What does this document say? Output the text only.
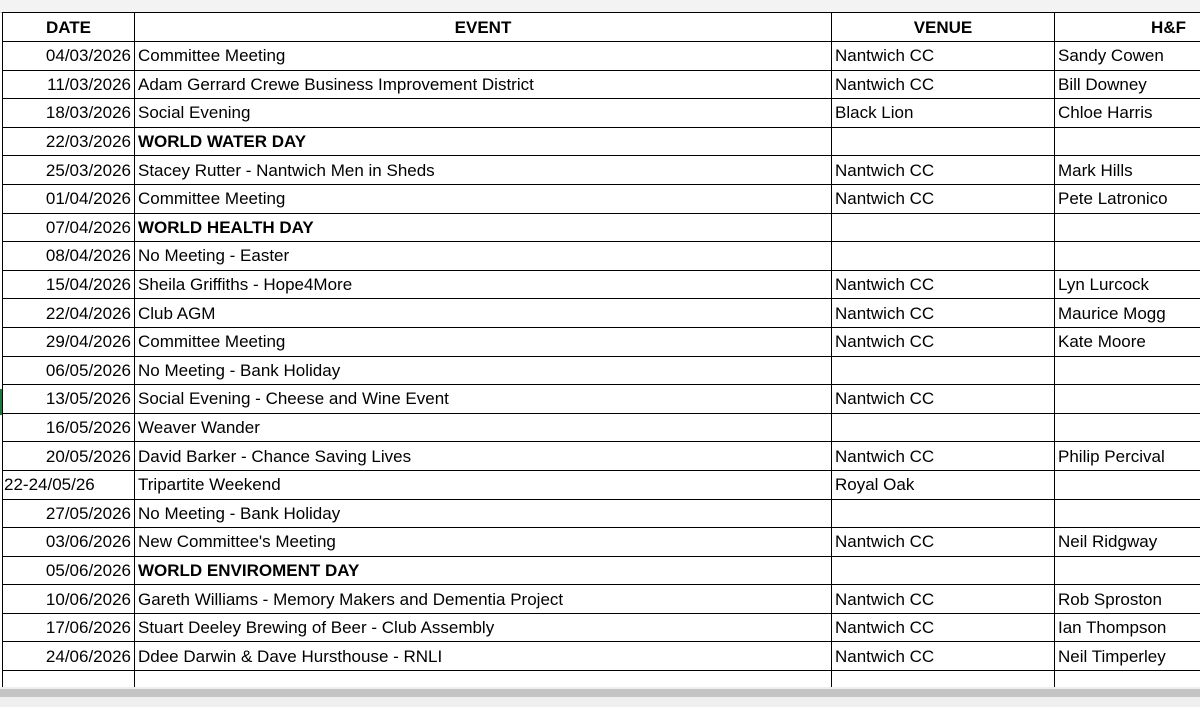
DATE	EVENT	VENUE	H&F
04/03/2026	Committee Meeting	Nantwich CC	Sandy Cowen
11/03/2026	Adam Gerrard Crewe Business Improvement District	Nantwich CC	Bill Downey
18/03/2026	Social Evening	Black Lion	Chloe Harris
22/03/2026	WORLD WATER DAY		
25/03/2026	Stacey Rutter - Nantwich Men in Sheds	Nantwich CC	Mark Hills
01/04/2026	Committee Meeting	Nantwich CC	Pete Latronico
07/04/2026	WORLD HEALTH DAY		
08/04/2026	No Meeting - Easter		
15/04/2026	Sheila Griffiths - Hope4More	Nantwich CC	Lyn Lurcock
22/04/2026	Club AGM	Nantwich CC	Maurice Mogg
29/04/2026	Committee Meeting	Nantwich CC	Kate Moore
06/05/2026	No Meeting - Bank Holiday		
13/05/2026	Social Evening - Cheese and Wine Event	Nantwich CC	
16/05/2026	Weaver Wander		
20/05/2026	David Barker - Chance Saving Lives	Nantwich CC	Philip Percival
22-24/05/26	Tripartite Weekend	Royal Oak	
27/05/2026	No Meeting - Bank Holiday		
03/06/2026	New Committee's Meeting	Nantwich CC	Neil Ridgway
05/06/2026	WORLD ENVIROMENT DAY		
10/06/2026	Gareth Williams - Memory Makers and Dementia Project	Nantwich CC	Rob Sproston
17/06/2026	Stuart Deeley Brewing of Beer - Club Assembly	Nantwich CC	Ian Thompson
24/06/2026	Ddee Darwin & Dave Hursthouse - RNLI	Nantwich CC	Neil Timperley
